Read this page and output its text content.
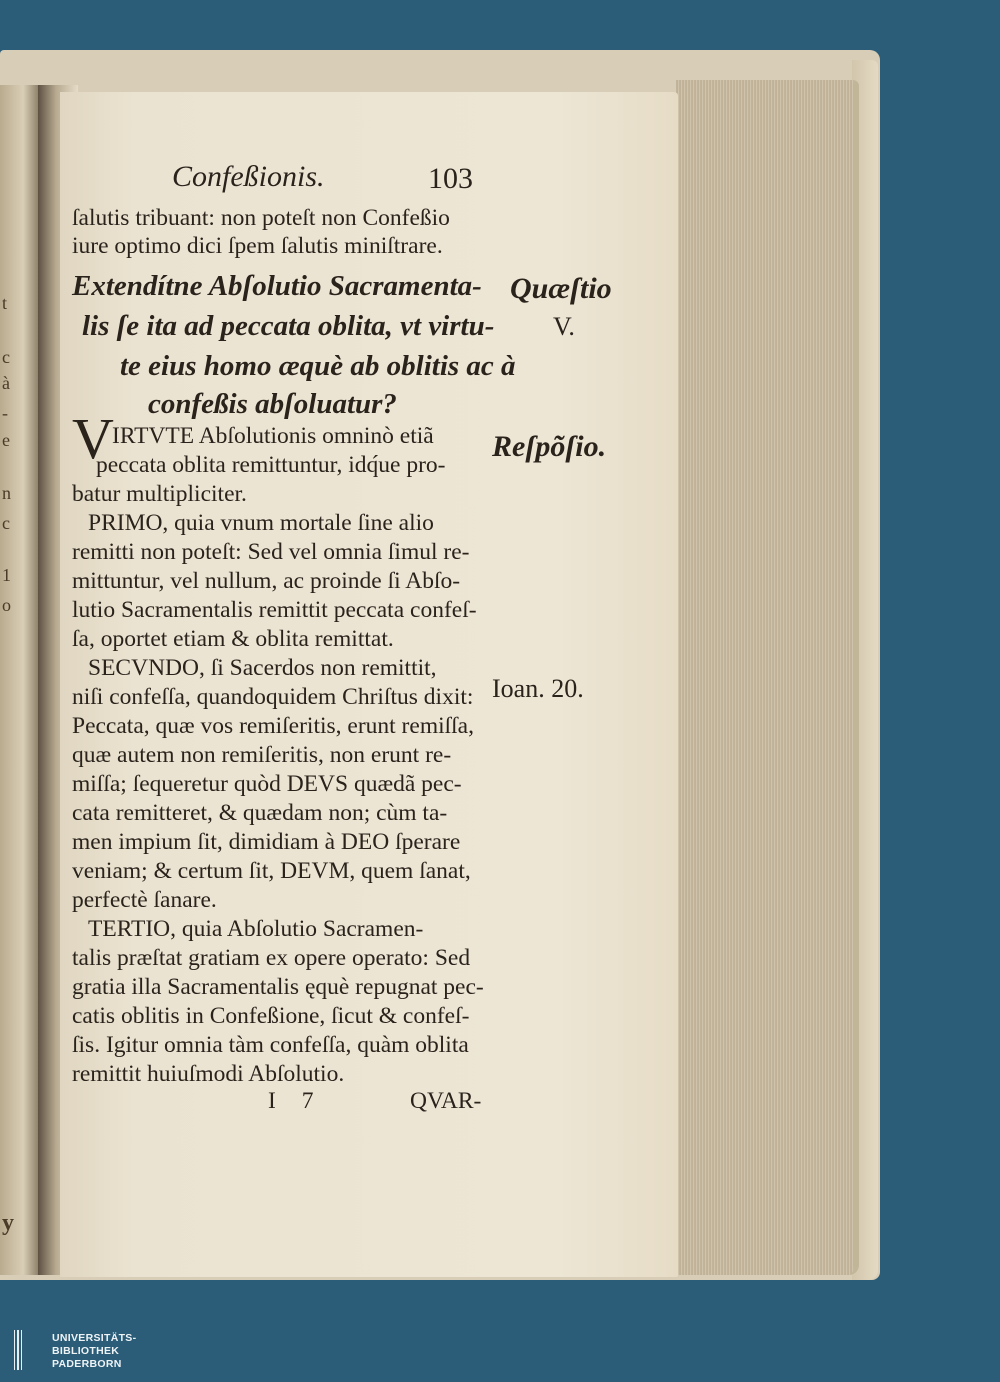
t
c
à
-
e
n
c
1
o
y
Confeßionis.	103
ſalutis tribuant: non poteſt non Confeßio
iure optimo dici ſpem ſalutis miniſtrare.
Extendítne Abſolutio Sacramenta-
lis ſe ita ad peccata oblita, vt virtu-
te eius homo æquè ab oblitis ac à
confeßis abſoluatur?
V
IRTVTE Abſolutionis omninò etiã
peccata oblita remittuntur, idq́ue pro-
batur multipliciter.
PRIMO, quia vnum mortale ſine alio
remitti non poteſt: Sed vel omnia ſimul re-
mittuntur, vel nullum, ac proinde ſi Abſo-
lutio Sacramentalis remittit peccata confeſ-
ſa, oportet etiam & oblita remittat.
SECVNDO, ſi Sacerdos non remittit,
niſi confeſſa, quandoquidem Chriſtus dixit:
Peccata, quæ vos remiſeritis, erunt remiſſa,
quæ autem non remiſeritis, non erunt re-
miſſa; ſequeretur quòd DEVS quædã pec-
cata remitteret, & quædam non; cùm ta-
men impium ſit, dimidiam à DEO ſperare
veniam; & certum ſit, DEVM, quem ſanat,
perfectè ſanare.
TERTIO, quia Abſolutio Sacramen-
talis præſtat gratiam ex opere operato: Sed
gratia illa Sacramentalis ęquè repugnat pec-
catis oblitis in Confeßione, ſicut & confeſ-
ſis. Igitur omnia tàm confeſſa, quàm oblita
remittit huiuſmodi Abſolutio.
I 7	QVAR-
Quæſtio
V.
Reſpõſio.
Ioan. 20.
UNIVERSITÄTS-
BIBLIOTHEK
PADERBORN
